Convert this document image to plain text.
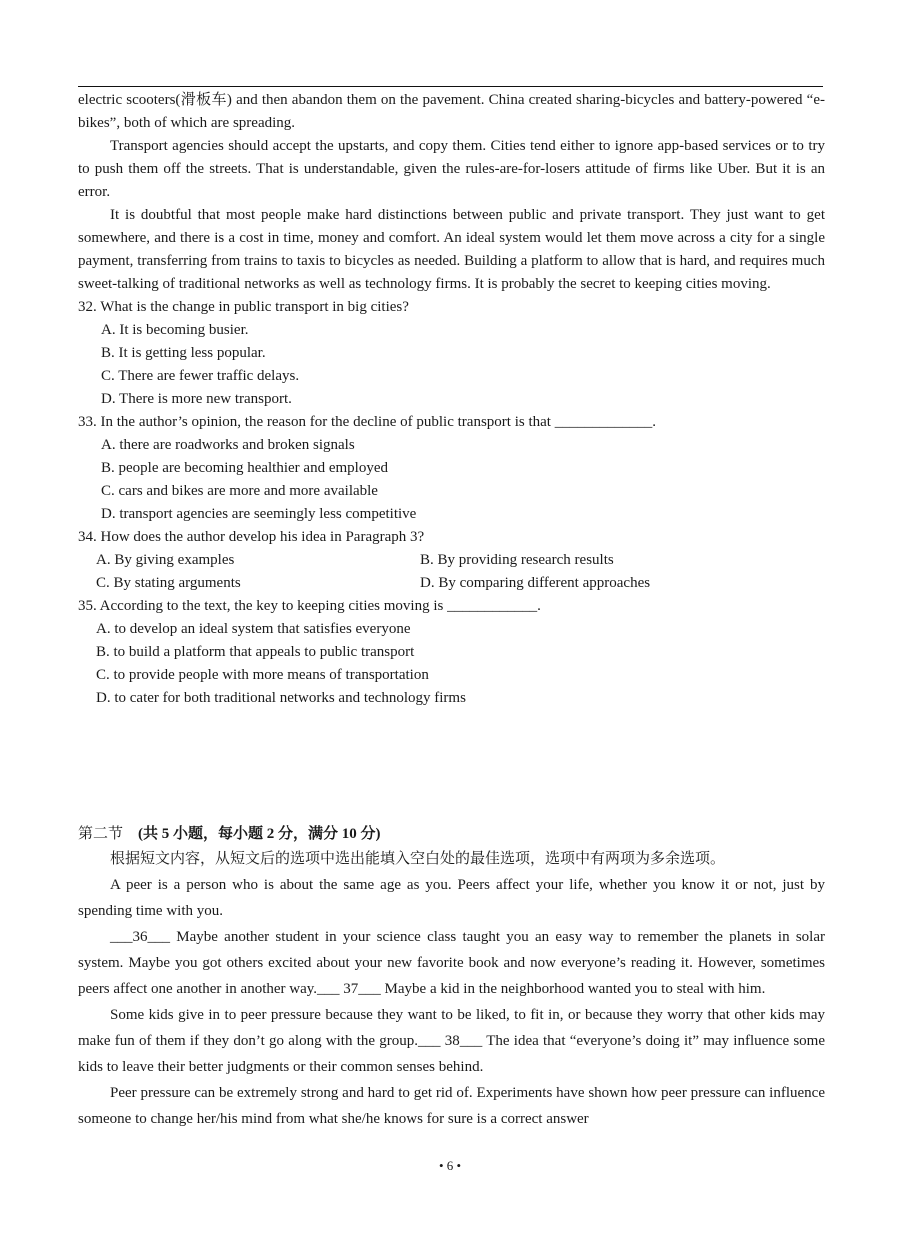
electric scooters(滑板车) and then abandon them on the pavement. China created sharing-bicycles and battery-powered “e-bikes”, both of which are spreading.

Transport agencies should accept the upstarts, and copy them. Cities tend either to ignore app-based services or to try to push them off the streets. That is understandable, given the rules-are-for-losers attitude of firms like Uber. But it is an error.

It is doubtful that most people make hard distinctions between public and private transport. They just want to get somewhere, and there is a cost in time, money and comfort. An ideal system would let them move across a city for a single payment, transferring from trains to taxis to bicycles as needed. Building a platform to allow that is hard, and requires much sweet-talking of traditional networks as well as technology firms. It is probably the secret to keeping cities moving.

32. What is the change in public transport in big cities?

A. It is becoming busier.

B. It is getting less popular.

C. There are fewer traffic delays.

D. There is more new transport.

33. In the author’s opinion, the reason for the decline of public transport is that _____________.

A. there are roadworks and broken signals

B. people are becoming healthier and employed

C. cars and bikes are more and more available

D. transport agencies are seemingly less competitive

34. How does the author develop his idea in Paragraph 3?

A. By giving examples	B. By providing research results
C. By stating arguments	D. By comparing different approaches

35. According to the text, the key to keeping cities moving is ____________.

A. to develop an ideal system that satisfies everyone

B. to build a platform that appeals to public transport

C. to provide people with more means of transportation

D. to cater for both traditional networks and technology firms

第二节 (共 5 小题，每小题 2 分，满分 10 分)

根据短文内容，从短文后的选项中选出能填入空白处的最佳选项，选项中有两项为多余选项。

A peer is a person who is about the same age as you. Peers affect your life, whether you know it or not, just by spending time with you.

___36___ Maybe another student in your science class taught you an easy way to remember the planets in solar system. Maybe you got others excited about your new favorite book and now everyone’s reading it. However, sometimes peers affect one another in another way.___ 37___ Maybe a kid in the neighborhood wanted you to steal with him.

Some kids give in to peer pressure because they want to be liked, to fit in, or because they worry that other kids may make fun of them if they don’t go along with the group.___ 38___ The idea that “everyone’s doing it” may influence some kids to leave their better judgments or their common senses behind.

Peer pressure can be extremely strong and hard to get rid of. Experiments have shown how peer pressure can influence someone to change her/his mind from what she/he knows for sure is a correct answer

• 6 •
